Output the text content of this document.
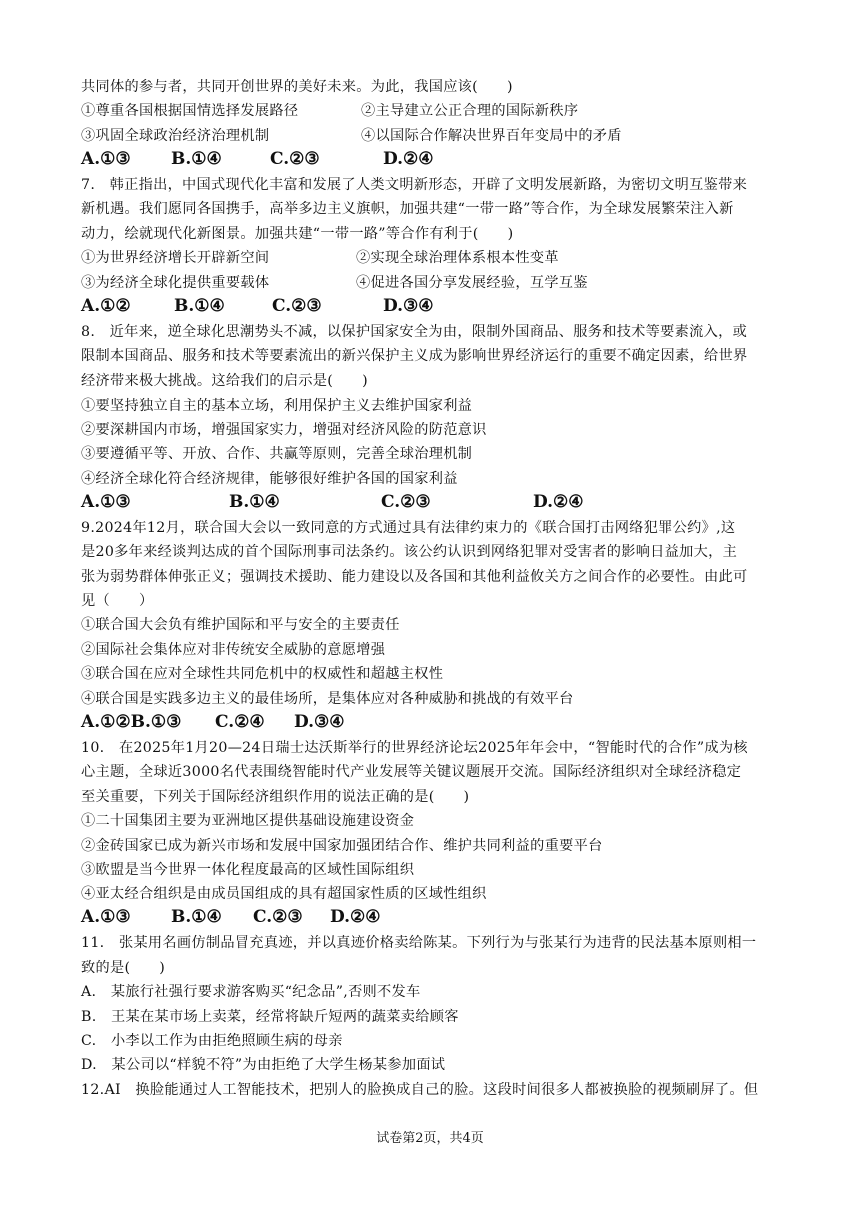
共同体的参与者，共同开创世界的美好未来。为此，我国应该(　　)
①尊重各国根据国情选择发展路径	②主导建立公正合理的国际新秩序
③巩固全球政治经济治理机制	④以国际合作解决世界百年变局中的矛盾
A.①③ B.①④	C.②③	D.②④
7.　韩正指出，中国式现代化丰富和发展了人类文明新形态，开辟了文明发展新路，为密切文明互鉴带来
新机遇。我们愿同各国携手，高举多边主义旗帜，加强共建“一带一路”等合作，为全球发展繁荣注入新
动力，绘就现代化新图景。加强共建“一带一路”等合作有利于(　　)
①为世界经济增长开辟新空间	②实现全球治理体系根本性变革
③为经济全球化提供重要载体	④促进各国分享发展经验，互学互鉴
A.①②	B.①④	C.②③	D.③④
8.　近年来，逆全球化思潮势头不减，以保护国家安全为由，限制外国商品、服务和技术等要素流入，或
限制本国商品、服务和技术等要素流出的新兴保护主义成为影响世界经济运行的重要不确定因素，给世界
经济带来极大挑战。这给我们的启示是(　　)
①要坚持独立自主的基本立场，利用保护主义去维护国家利益
②要深耕国内市场，增强国家实力，增强对经济风险的防范意识
③要遵循平等、开放、合作、共赢等原则，完善全球治理机制
④经济全球化符合经济规律，能够很好维护各国的国家利益
A.①③	B.①④	C.②③	D.②④
9.2024年12月，联合国大会以一致同意的方式通过具有法律约束力的《联合国打击网络犯罪公约》,这
是20多年来经谈判达成的首个国际刑事司法条约。该公约认识到网络犯罪对受害者的影响日益加大，主
张为弱势群体伸张正义；强调技术援助、能力建设以及各国和其他利益攸关方之间合作的必要性。由此可
见（　　）
①联合国大会负有维护国际和平与安全的主要责任
②国际社会集体应对非传统安全威胁的意愿增强
③联合国在应对全球性共同危机中的权威性和超越主权性
④联合国是实践多边主义的最佳场所，是集体应对各种威胁和挑战的有效平台
A.①②B.①③ C.②④ D.③④
10.　在2025年1月20—24日瑞士达沃斯举行的世界经济论坛2025年年会中，“智能时代的合作”成为核
心主题，全球近3000名代表围绕智能时代产业发展等关键议题展开交流。国际经济组织对全球经济稳定
至关重要，下列关于国际经济组织作用的说法正确的是(　　)
①二十国集团主要为亚洲地区提供基础设施建设资金
②金砖国家已成为新兴市场和发展中国家加强团结合作、维护共同利益的重要平台
③欧盟是当今世界一体化程度最高的区域性国际组织
④亚太经合组织是由成员国组成的具有超国家性质的区域性组织
A.①③ B.①④ C.②③ D.②④
11.　张某用名画仿制品冒充真迹，并以真迹价格卖给陈某。下列行为与张某行为违背的民法基本原则相一
致的是(　　)
A.　某旅行社强行要求游客购买“纪念品”,否则不发车
B.　王某在某市场上卖菜，经常将缺斤短两的蔬菜卖给顾客
C.　小李以工作为由拒绝照顾生病的母亲
D.　某公司以“样貌不符”为由拒绝了大学生杨某参加面试
12.AI　换脸能通过人工智能技术，把别人的脸换成自己的脸。这段时间很多人都被换脸的视频刷屏了。但
试卷第2页，共4页
